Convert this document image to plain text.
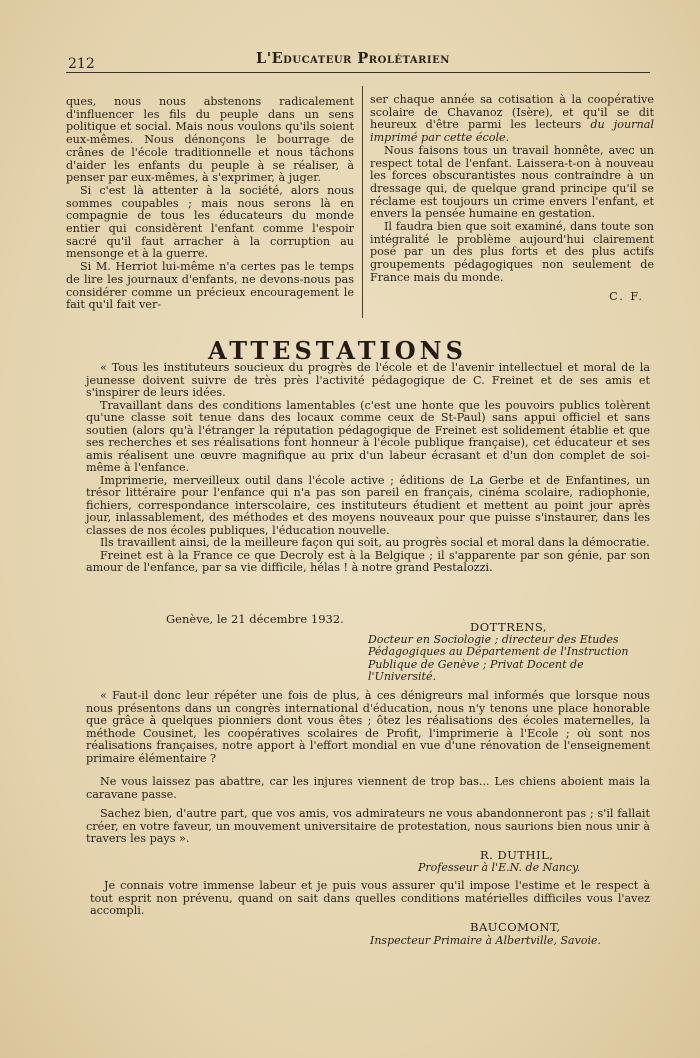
212	L'Educateur Prolétarien

ques, nous nous abstenons radicalement d'influencer les fils du peuple dans un sens politique et social. Mais nous voulons qu'ils soient eux-mêmes. Nous dénonçons le bourrage de crânes de l'école traditionnelle et nous tâchons d'aider les enfants du peuple à se réaliser, à penser par eux-mêmes, à s'exprimer, à juger.

Si c'est là attenter à la société, alors nous sommes coupables ; mais nous serons là en compagnie de tous les éducateurs du monde entier qui considèrent l'enfant comme l'espoir sacré qu'il faut arracher à la corruption au mensonge et à la guerre.

Si M. Herriot lui-même n'a certes pas le temps de lire les journaux d'enfants, ne devons-nous pas considérer comme un précieux encouragement le fait qu'il fait ver-

ser chaque année sa cotisation à la coopérative scolaire de Chavanoz (Isère), et qu'il se dit heureux d'être parmi les lecteurs du journal imprimé par cette école.

Nous faisons tous un travail honnête, avec un respect total de l'enfant. Laissera-t-on à nouveau les forces obscurantistes nous contraindre à un dressage qui, de quelque grand principe qu'il se réclame est toujours un crime envers l'enfant, et envers la pensée humaine en gestation.

Il faudra bien que soit examiné, dans toute son intégralité le problème aujourd'hui clairement posé par un des plus forts et des plus actifs groupements pédagogiques non seulement de France mais du monde.

C. F.

ATTESTATIONS

« Tous les instituteurs soucieux du progrès de l'école et de l'avenir intellectuel et moral de la jeunesse doivent suivre de très près l'activité pédagogique de C. Freinet et de ses amis et s'inspirer de leurs idées.

Travaillant dans des conditions lamentables (c'est une honte que les pouvoirs publics tolèrent qu'une classe soit tenue dans des locaux comme ceux de St-Paul) sans appui officiel et sans soutien (alors qu'à l'étranger la réputation pédagogique de Freinet est solidement établie et que ses recherches et ses réalisations font honneur à l'école publique française), cet éducateur et ses amis réalisent une œuvre magnifique au prix d'un labeur écrasant et d'un don complet de soi-même à l'enfance.

Imprimerie, merveilleux outil dans l'école active ; éditions de La Gerbe et de Enfantines, un trésor littéraire pour l'enfance qui n'a pas son pareil en français, cinéma scolaire, radiophonie, fichiers, correspondance interscolaire, ces instituteurs étudient et mettent au point jour après jour, inlassablement, des méthodes et des moyens nouveaux pour que puisse s'instaurer, dans les classes de nos écoles publiques, l'éducation nouvelle.

Ils travaillent ainsi, de la meilleure façon qui soit, au progrès social et moral dans la démocratie.

Freinet est à la France ce que Decroly est à la Belgique ; il s'apparente par son génie, par son amour de l'enfance, par sa vie difficile, hélas ! à notre grand Pestalozzi.

Genève, le 21 décembre 1932.
DOTTRENS,
Docteur en Sociologie ; directeur des Etudes Pédagogiques au Département de l'Instruction Publique de Genève ; Privat Docent de l'Université.

« Faut-il donc leur répéter une fois de plus, à ces dénigreurs mal informés que lorsque nous nous présentons dans un congrès international d'éducation, nous n'y tenons une place honorable que grâce à quelques pionniers dont vous êtes ; ôtez les réalisations des écoles maternelles, la méthode Cousinet, les coopératives scolaires de Profit, l'imprimerie à l'Ecole ; où sont nos réalisations françaises, notre apport à l'effort mondial en vue d'une rénovation de l'enseignement primaire élémentaire ?

Ne vous laissez pas abattre, car les injures viennent de trop bas... Les chiens aboient mais la caravane passe.

Sachez bien, d'autre part, que vos amis, vos admirateurs ne vous abandonneront pas ; s'il fallait créer, en votre faveur, un mouvement universitaire de protestation, nous saurions bien nous unir à travers les pays ».

R. DUTHIL,
Professeur à l'E.N. de Nancy.

Je connais votre immense labeur et je puis vous assurer qu'il impose l'estime et le respect à tout esprit non prévenu, quand on sait dans quelles conditions matérielles difficiles vous l'avez accompli.

BAUCOMONT,
Inspecteur Primaire à Albertville, Savoie.
